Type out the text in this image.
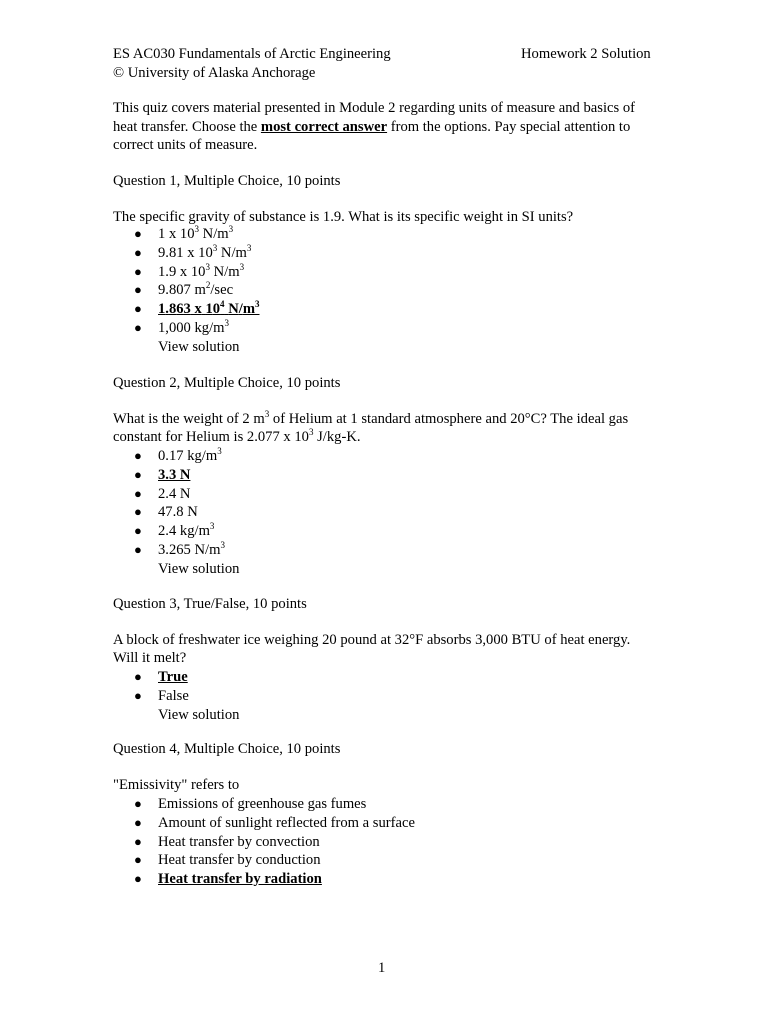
ES AC030 Fundamentals of Arctic Engineering	Homework 2 Solution
© University of Alaska Anchorage
This quiz covers material presented in Module 2 regarding units of measure and basics of
heat transfer. Choose the most correct answer from the options. Pay special attention to
correct units of measure.
Question 1, Multiple Choice, 10 points
The specific gravity of substance is 1.9. What is its specific weight in SI units?
● 1 x $10^3$ $N/m^3$
● 9.81 x $10^3$ $N/m^3$
● 1.9 x $10^3$ $N/m^3$
● 9.807 $m^2/\sec$
● 1.863 x $10^4$ $N/m^3$
● 1,000 $kg/m^3$
View solution
Question 2, Multiple Choice, 10 points
What is the weight of 2 $m^3$ of Helium at 1 standard atmosphere and 20°C? The ideal gas
constant for Helium is 2.077 x $10^3$ J/kg-K.
● 0.17 $kg/m^3$
● 3.3 N
● 2.4 N
● 47.8 N
● 2.4 $kg/m^3$
● 3.265 $N/m^3$
View solution
Question 3, True/False, 10 points
A block of freshwater ice weighing 20 pound at 32°F absorbs 3,000 BTU of heat energy.
Will it melt?
● True
● False
View solution
Question 4, Multiple Choice, 10 points
"Emissivity" refers to
● Emissions of greenhouse gas fumes
● Amount of sunlight reflected from a surface
● Heat transfer by convection
● Heat transfer by conduction
● Heat transfer by radiation
1
